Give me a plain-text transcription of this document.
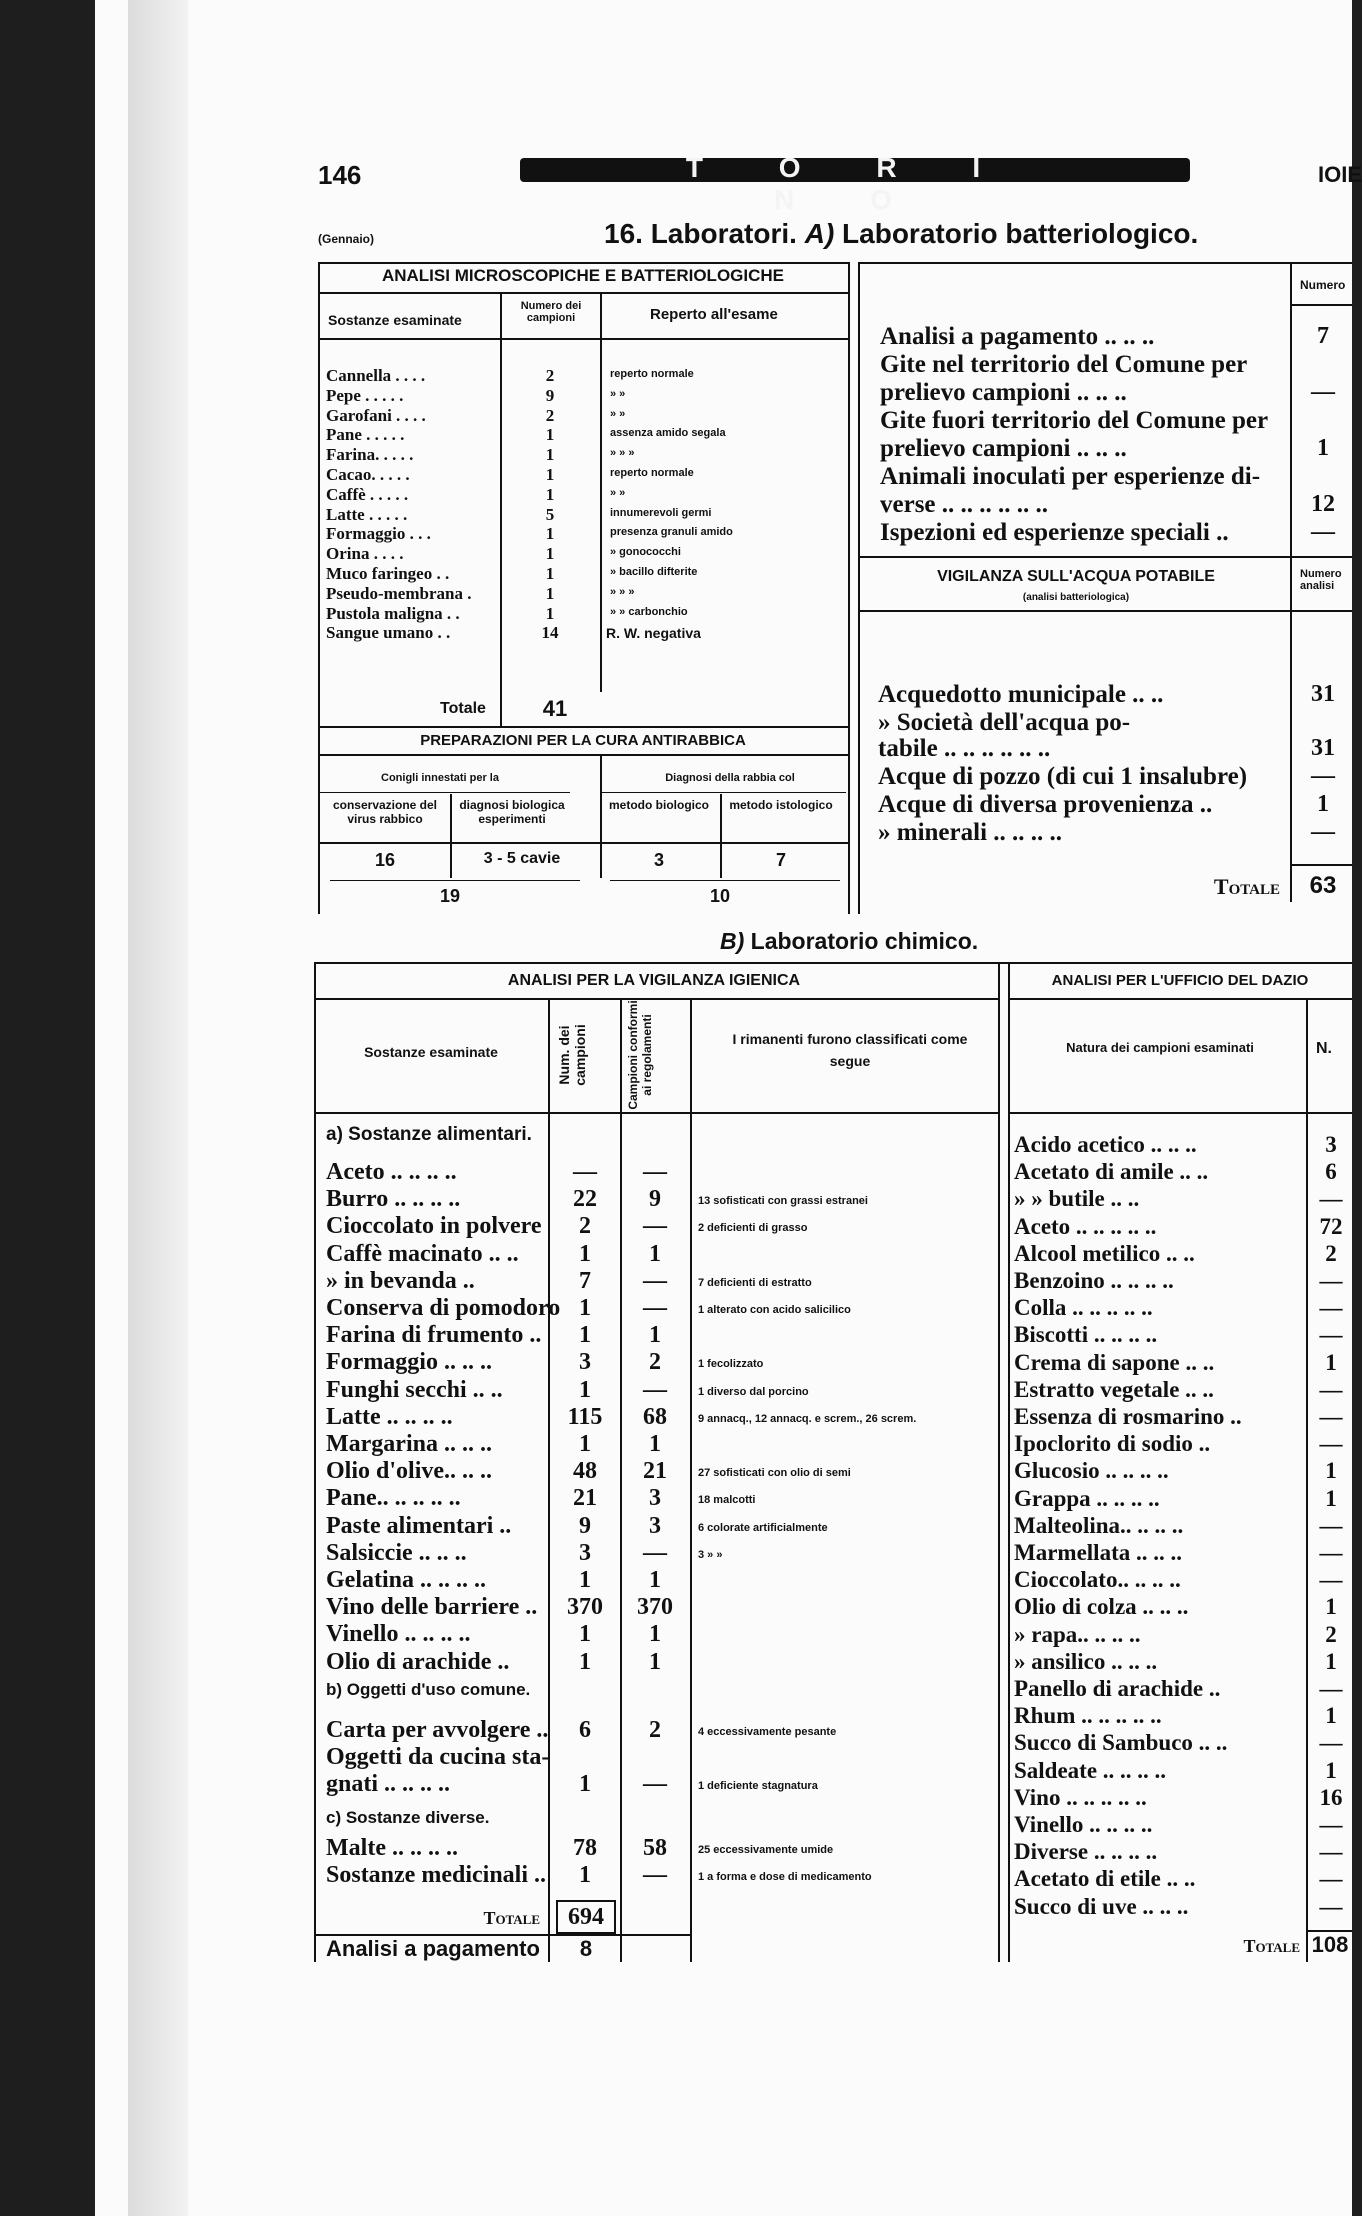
146	T O R I N O
IOIE
(Gennaio)	16. Laboratori. A) Laboratorio batteriologico.
ANALISI MICROSCOPICHE E BATTERIOLOGICHE
Sostanze esaminate
Numero dei campioni	Reperto all'esame
Cannella . . . .	2	reperto normale
Pepe . . . . .	9	» »
Garofani . . . .	2	» »
Pane . . . . .	1	assenza amido segala
Farina. . . . .	1	» » »
Cacao. . . . .	1	reperto normale
Caffè . . . . .	1	» »
Latte . . . . .	5	innumerevoli germi
Formaggio . . .	1	presenza granuli amido
Orina . . . .	1	» gonococchi
Muco faringeo . .	1	» bacillo difterite
Pseudo-membrana .	1	» » »
Pustola maligna . .	1	» » carbonchio
Sangue umano . .	14	R. W. negativa
Totale	41
PREPARAZIONI PER LA CURA ANTIRABBICA
Conigli innestati per la	Diagnosi della rabbia col
conservazione del virus rabbico
diagnosi biologica esperimenti
metodo biologico	metodo istologico
16	3 - 5 cavie	3	7
19	10
Numero
Analisi a pagamento .. .. ..	7
Gite nel territorio del Comune per
prelievo campioni .. .. ..	—
Gite fuori territorio del Comune per
prelievo campioni .. .. ..	1
Animali inoculati per esperienze di-
verse .. .. .. .. .. ..	12
Ispezioni ed esperienze speciali ..	—
VIGILANZA SULL'ACQUA POTABILE
(analisi batteriologica)
Numero analisi
Acquedotto municipale .. ..	31
» Società dell'acqua po-
tabile .. .. .. .. .. ..	31
Acque di pozzo (di cui 1 insalubre)	—
Acque di diversa provenienza ..	1
» minerali .. .. .. ..	—
Totale	63
B) Laboratorio chimico.
ANALISI PER LA VIGILANZA IGIENICA
Sostanze esaminate	Num. dei campioni	Campioni conformi ai regolamenti	I rimanenti furono classificati come segue
a) Sostanze alimentari.
Aceto .. .. .. ..	—	—
Burro .. .. .. ..	22	9	13 sofisticati con grassi estranei
Cioccolato in polvere	2	—	2 deficienti di grasso
Caffè macinato .. ..	1	1
» in bevanda ..	7	—	7 deficienti di estratto
Conserva di pomodoro 1	—	1 alterato con acido salicilico
Farina di frumento ..	1	1
Formaggio .. .. ..	3	2	1 fecolizzato
Funghi secchi .. ..	1	—	1 diverso dal porcino
Latte .. .. .. ..	115	68	9 annacq., 12 annacq. e screm., 26 screm.
Margarina .. .. ..	1	1
Olio d'olive.. .. ..	48	21	27 sofisticati con olio di semi
Pane.. .. .. .. ..	21	3	18 malcotti
Paste alimentari ..	9	3	6 colorate artificialmente
Salsiccie .. .. ..	3	—	3 » »
Gelatina .. .. .. ..	1	1
Vino delle barriere ..	370	370
Vinello .. .. .. ..	1	1
Olio di arachide ..	1	1
b) Oggetti d'uso comune.
Carta per avvolgere ..	6	2	4 eccessivamente pesante
Oggetti da cucina sta-
gnati .. .. .. ..	1	—	1 deficiente stagnatura
c) Sostanze diverse.
Malte .. .. .. ..	78	58	25 eccessivamente umide
Sostanze medicinali ..	1	—	1 a forma e dose di medicamento
Totale	694
Analisi a pagamento	8
ANALISI PER L'UFFICIO DEL DAZIO
Natura dei campioni esaminati	N.
Acido acetico .. .. ..	3
Acetato di amile .. ..	6
» » butile .. ..	—
Aceto .. .. .. .. ..	72
Alcool metilico .. ..	2
Benzoino .. .. .. ..	—
Colla .. .. .. .. ..	—
Biscotti .. .. .. ..	—
Crema di sapone .. ..	1
Estratto vegetale .. ..	—
Essenza di rosmarino ..	—
Ipoclorito di sodio ..	—
Glucosio .. .. .. ..	1
Grappa .. .. .. ..	1
Malteolina.. .. .. ..	—
Marmellata .. .. ..	—
Cioccolato.. .. .. ..	—
Olio di colza .. .. ..	1
» rapa.. .. .. ..	2
» ansilico .. .. ..	1
Panello di arachide ..	—
Rhum .. .. .. .. ..	1
Succo di Sambuco .. ..	—
Saldeate .. .. .. ..	1
Vino .. .. .. .. ..	16
Vinello .. .. .. ..	—
Diverse .. .. .. ..	—
Acetato di etile .. ..	—
Succo di uve .. .. ..	—
Totale 108
